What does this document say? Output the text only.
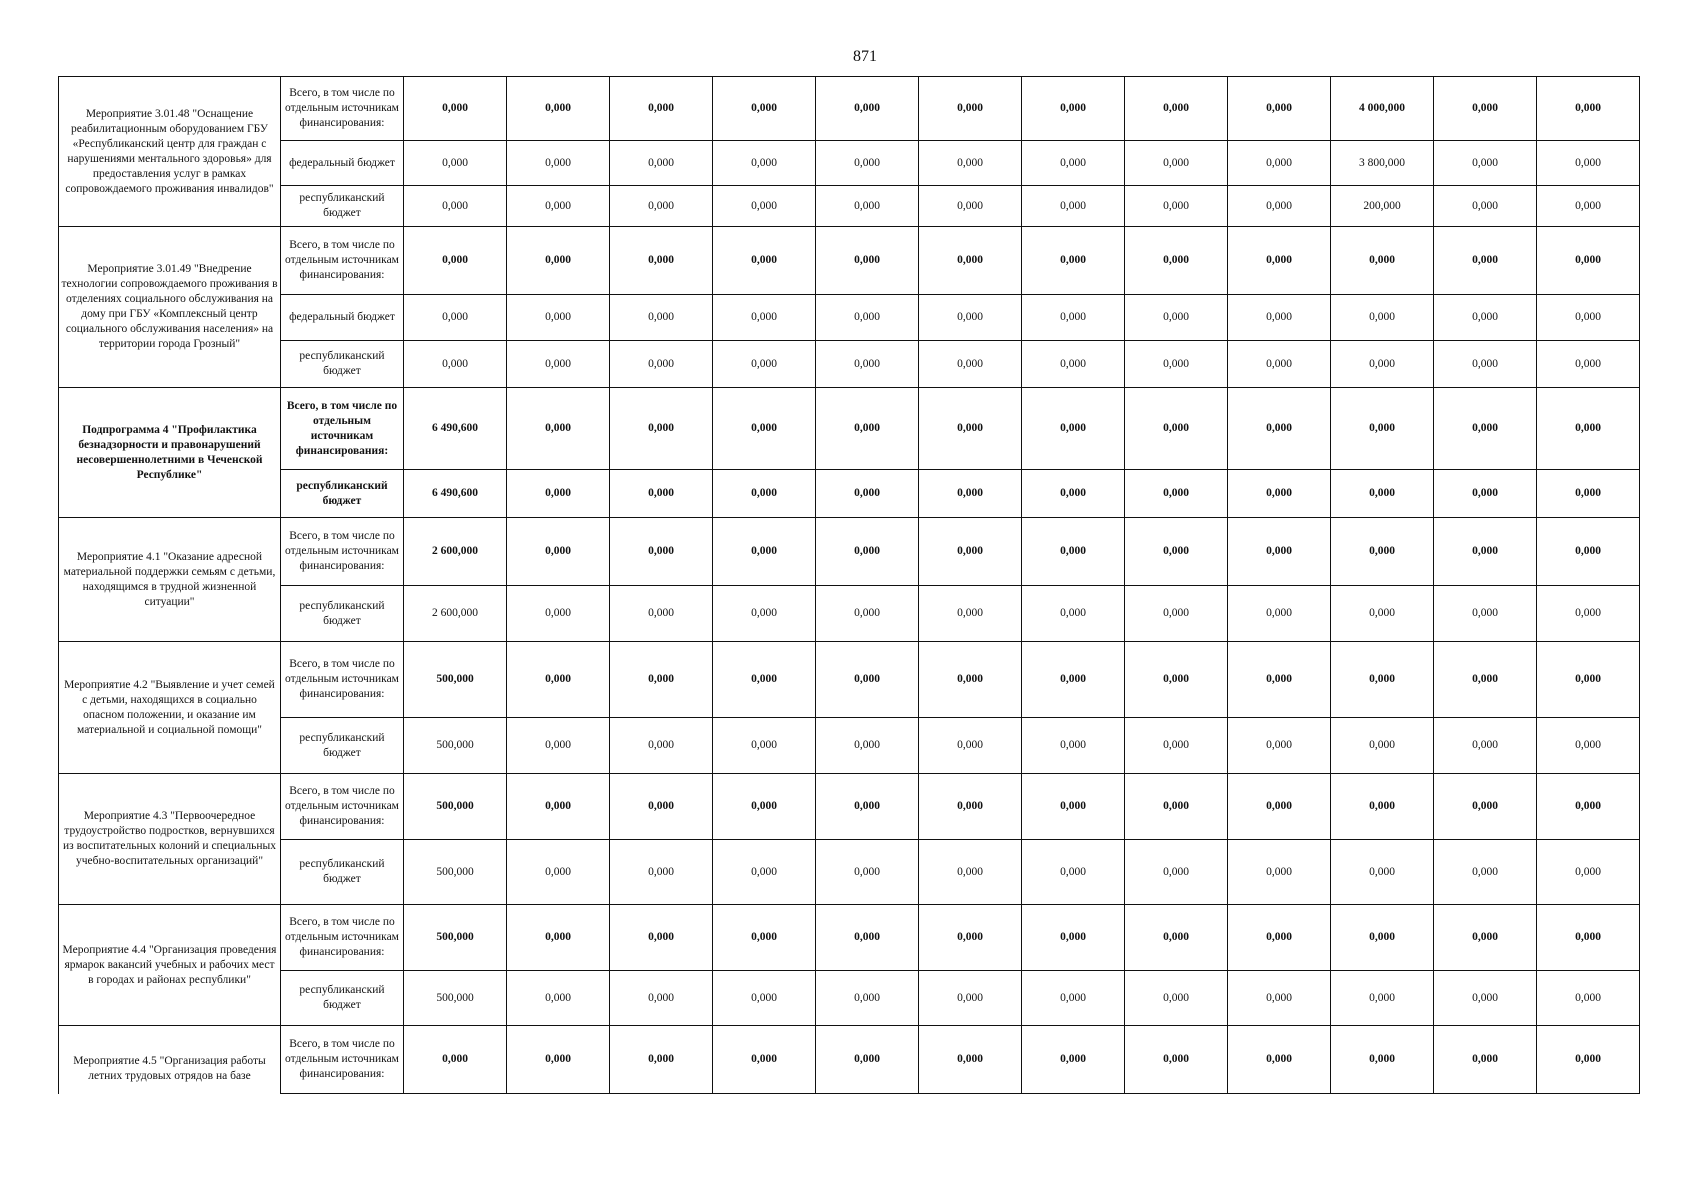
871
Мероприятие 3.01.48 "Оснащение реабилитационным оборудованием ГБУ «Республиканский центр для граждан с нарушениями ментального здоровья» для предоставления услуг в рамках сопровождаемого проживания инвалидов"	Всего, в том числе по отдельным источникам финансирования:	0,000	0,000	0,000	0,000	0,000	0,000	0,000	0,000	0,000	4 000,000	0,000	0,000
	федеральный бюджет	0,000	0,000	0,000	0,000	0,000	0,000	0,000	0,000	0,000	3 800,000	0,000	0,000
	республиканский бюджет	0,000	0,000	0,000	0,000	0,000	0,000	0,000	0,000	0,000	200,000	0,000	0,000
Мероприятие 3.01.49 "Внедрение технологии сопровождаемого проживания в отделениях социального обслуживания на дому при ГБУ «Комплексный центр социального обслуживания населения» на территории города Грозный"	Всего, в том числе по отдельным источникам финансирования:	0,000	0,000	0,000	0,000	0,000	0,000	0,000	0,000	0,000	0,000	0,000	0,000
	федеральный бюджет	0,000	0,000	0,000	0,000	0,000	0,000	0,000	0,000	0,000	0,000	0,000	0,000
	республиканский бюджет	0,000	0,000	0,000	0,000	0,000	0,000	0,000	0,000	0,000	0,000	0,000	0,000
Подпрограмма 4 "Профилактика безнадзорности и правонарушений несовершеннолетними в Чеченской Республике"	Всего, в том числе по отдельным источникам финансирования:	6 490,600	0,000	0,000	0,000	0,000	0,000	0,000	0,000	0,000	0,000	0,000	0,000
	республиканский бюджет	6 490,600	0,000	0,000	0,000	0,000	0,000	0,000	0,000	0,000	0,000	0,000	0,000
Мероприятие 4.1 "Оказание адресной материальной поддержки семьям с детьми, находящимся в трудной жизненной ситуации"	Всего, в том числе по отдельным источникам финансирования:	2 600,000	0,000	0,000	0,000	0,000	0,000	0,000	0,000	0,000	0,000	0,000	0,000
	республиканский бюджет	2 600,000	0,000	0,000	0,000	0,000	0,000	0,000	0,000	0,000	0,000	0,000	0,000
Мероприятие 4.2 "Выявление и учет семей с детьми, находящихся в социально опасном положении, и оказание им материальной и социальной помощи"	Всего, в том числе по отдельным источникам финансирования:	500,000	0,000	0,000	0,000	0,000	0,000	0,000	0,000	0,000	0,000	0,000	0,000
	республиканский бюджет	500,000	0,000	0,000	0,000	0,000	0,000	0,000	0,000	0,000	0,000	0,000	0,000
Мероприятие 4.3 "Первоочередное трудоустройство подростков, вернувшихся из воспитательных колоний и специальных учебно-воспитательных организаций"	Всего, в том числе по отдельным источникам финансирования:	500,000	0,000	0,000	0,000	0,000	0,000	0,000	0,000	0,000	0,000	0,000	0,000
	республиканский бюджет	500,000	0,000	0,000	0,000	0,000	0,000	0,000	0,000	0,000	0,000	0,000	0,000
Мероприятие 4.4 "Организация проведения ярмарок вакансий учебных и рабочих мест в городах и районах республики"	Всего, в том числе по отдельным источникам финансирования:	500,000	0,000	0,000	0,000	0,000	0,000	0,000	0,000	0,000	0,000	0,000	0,000
	республиканский бюджет	500,000	0,000	0,000	0,000	0,000	0,000	0,000	0,000	0,000	0,000	0,000	0,000
Мероприятие 4.5 "Организация работы летних трудовых отрядов на базе	Всего, в том числе по отдельным источникам финансирования:	0,000	0,000	0,000	0,000	0,000	0,000	0,000	0,000	0,000	0,000	0,000	0,000
